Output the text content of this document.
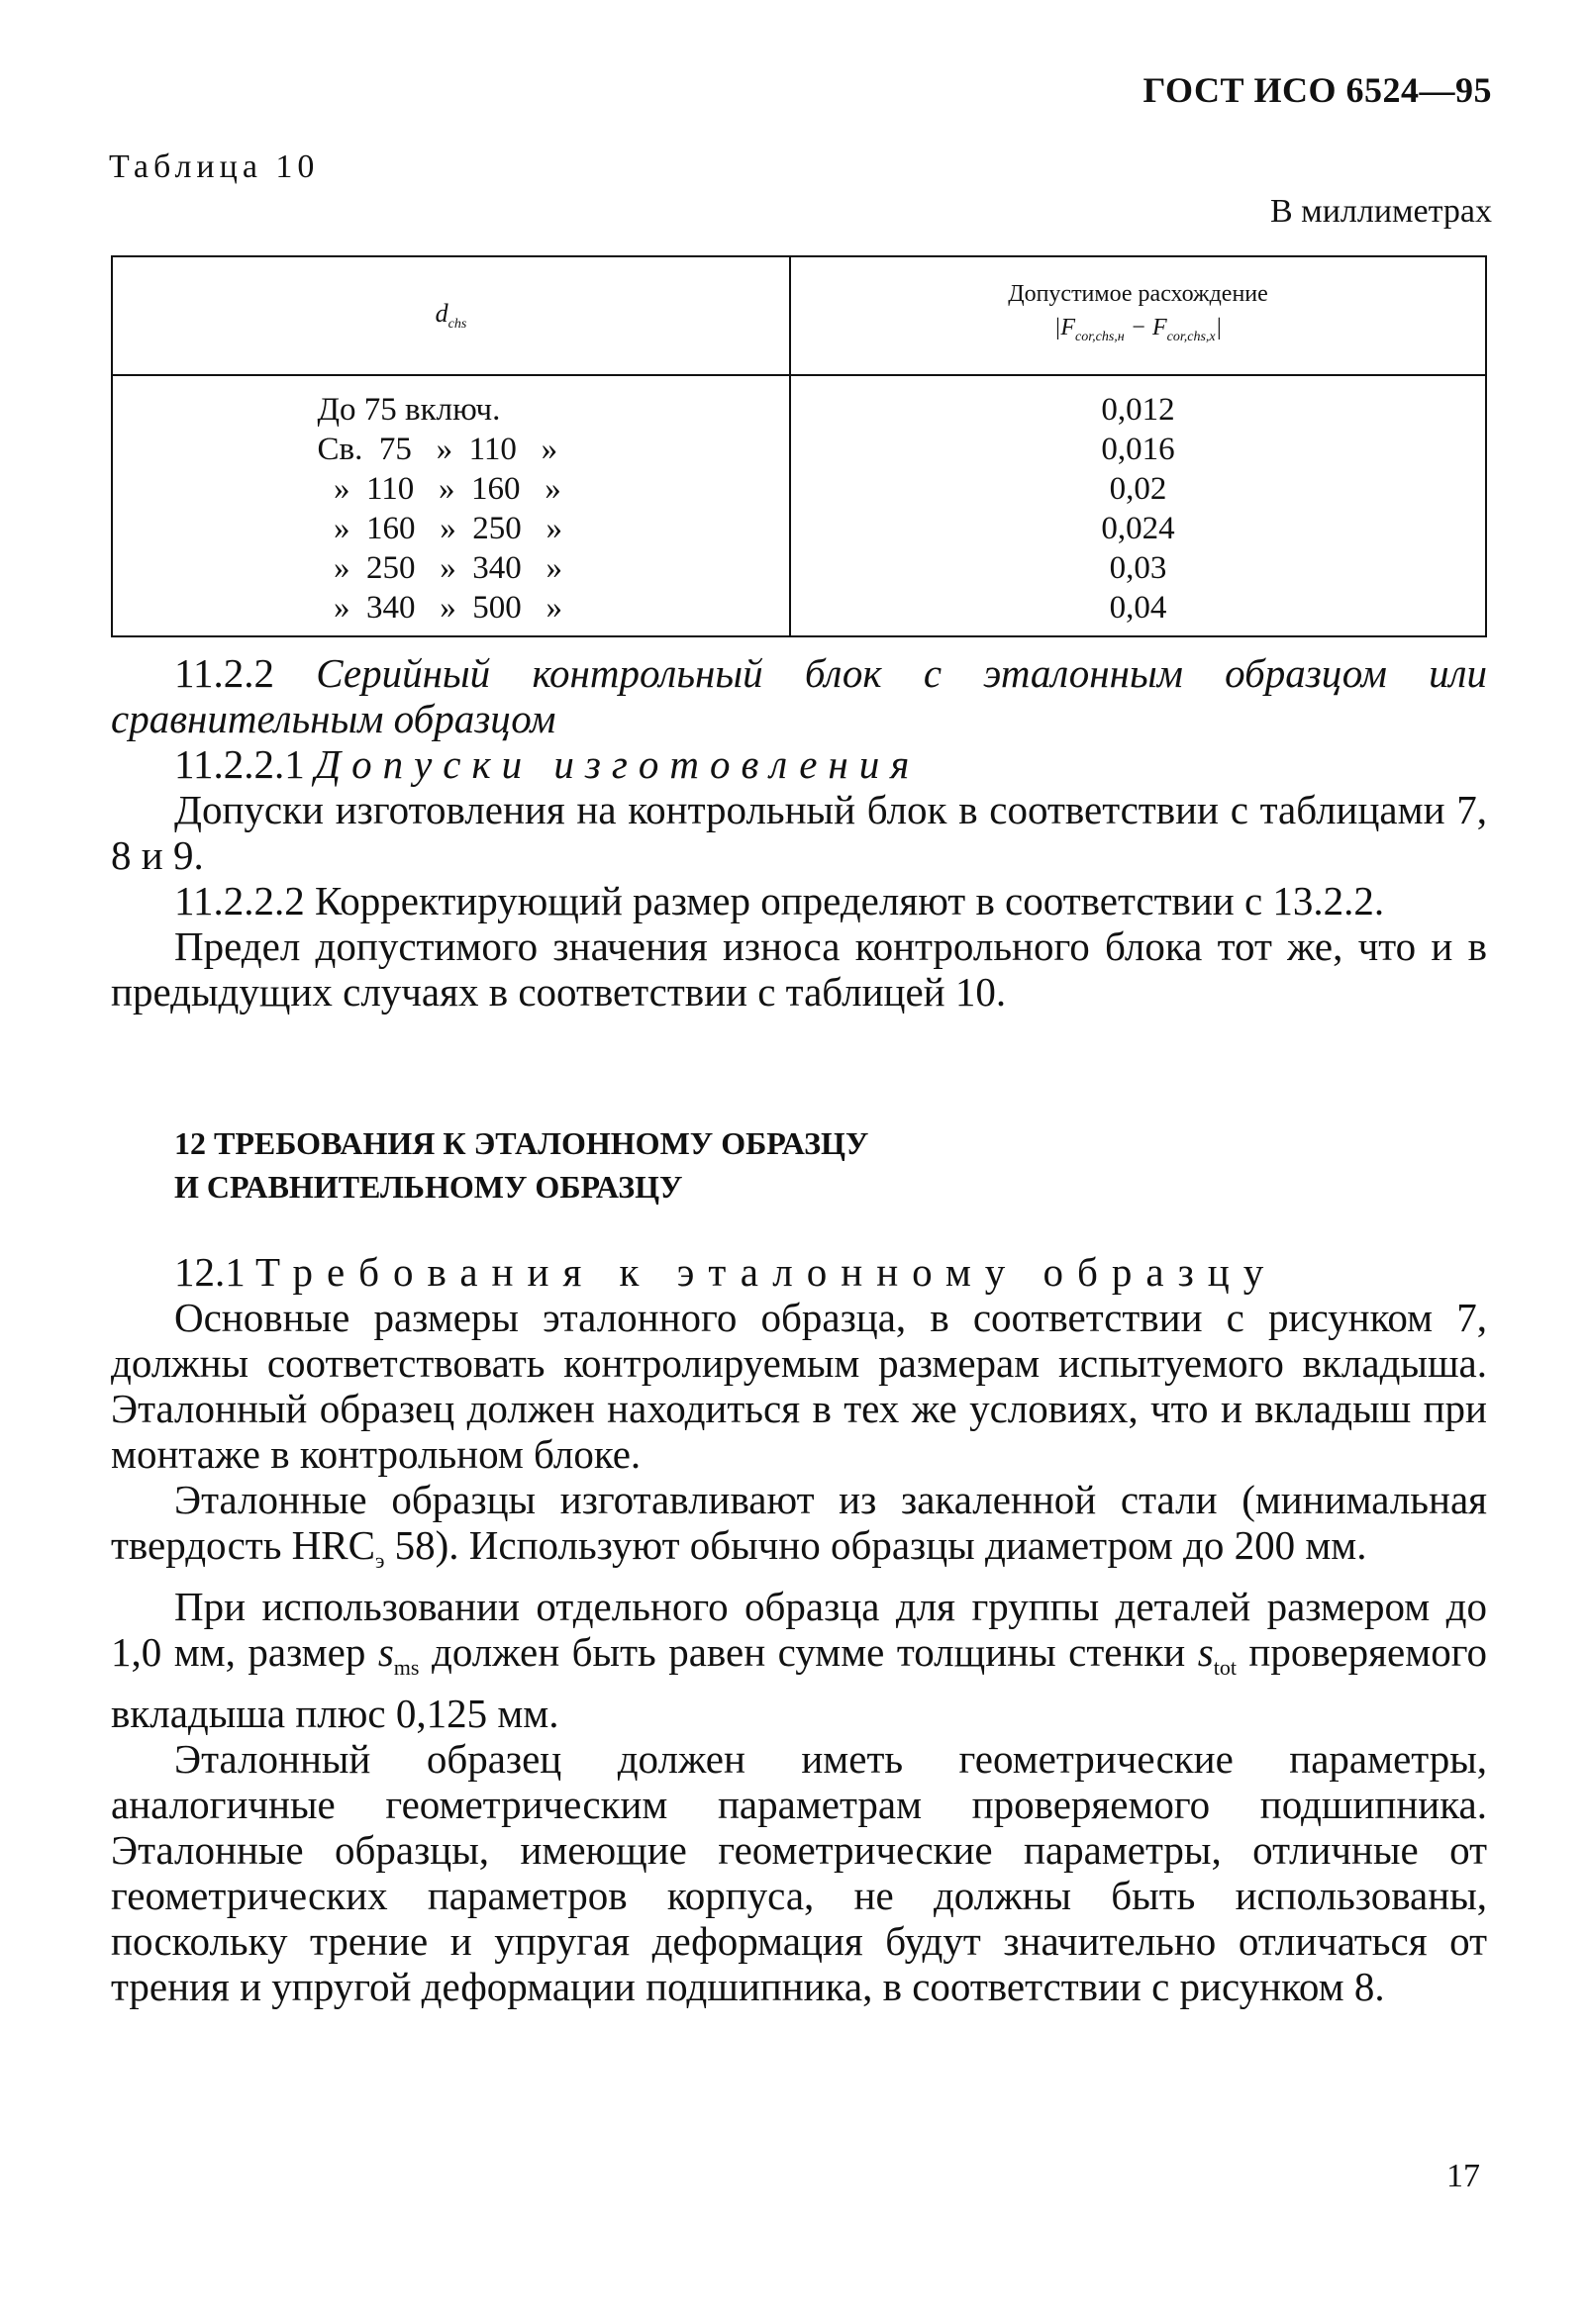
ГОСТ ИСО 6524—95
Таблица 10
В миллиметрах
$d_{chs}$	Допустимое расхождение
$|F_{cor,chs,н} - F_{cor,chs,x}|$
До 75 включ.	0,012
Св.  75   »  110   »	0,016
»  110   »  160   »	0,02
»  160   »  250   »	0,024
»  250   »  340   »	0,03
»  340   »  500   »	0,04

11.2.2 Серийный контрольный блок с эталонным образцом или сравнительным образцом

11.2.2.1 Допуски изготовления

Допуски изготовления на контрольный блок в соответствии с таблицами 7, 8 и 9.

11.2.2.2 Корректирующий размер определяют в соответствии с 13.2.2.

Предел допустимого значения износа контрольного блока тот же, что и в предыдущих случаях в соответствии с таблицей 10.

12 ТРЕБОВАНИЯ К ЭТАЛОННОМУ ОБРАЗЦУ
И СРАВНИТЕЛЬНОМУ ОБРАЗЦУ

12.1 Требования к эталонному образцу

Основные размеры эталонного образца, в соответствии с рисунком 7, должны соответствовать контролируемым размерам испытуемого вкладыша. Эталонный образец должен находиться в тех же условиях, что и вкладыш при монтаже в контрольном блоке.

Эталонные образцы изготавливают из закаленной стали (минимальная твердость $HRC_э$ 58). Используют обычно образцы диаметром до 200 мм.

При использовании отдельного образца для группы деталей размером до 1,0 мм, размер $s_{ms}$ должен быть равен сумме толщины стенки $s_{tot}$ проверяемого вкладыша плюс 0,125 мм.

Эталонный образец должен иметь геометрические параметры, аналогичные геометрическим параметрам проверяемого подшипника. Эталонные образцы, имеющие геометрические параметры, отличные от геометрических параметров корпуса, не должны быть использованы, поскольку трение и упругая деформация будут значительно отличаться от трения и упругой деформации подшипника, в соответствии с рисунком 8.

17
